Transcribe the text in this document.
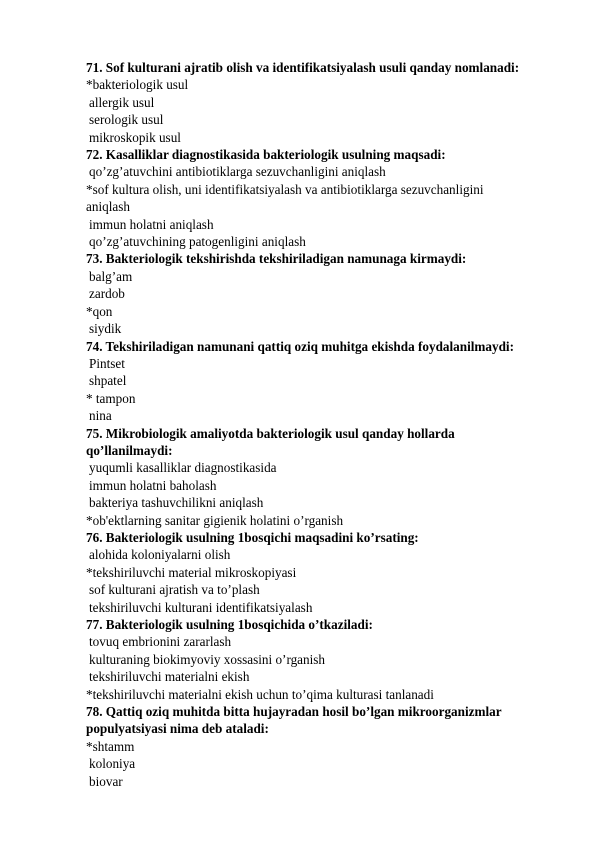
71. Sof kulturani ajratib olish va identifikatsiyalash usuli qanday nomlanadi:

*bakteriologik usul

allergik usul

serologik usul

mikroskopik usul

72. Kasalliklar diagnostikasida bakteriologik usulning maqsadi:

qo’zg’atuvchini antibiotiklarga sezuvchanligini aniqlash

*sof kultura olish, uni identifikatsiyalash va antibiotiklarga sezuvchanligini

aniqlash

immun holatni aniqlash

qo’zg’atuvchining patogenligini aniqlash

73. Bakteriologik tekshirishda tekshiriladigan namunaga kirmaydi:

balg’am

zardob

*qon

siydik

74. Tekshiriladigan namunani qattiq oziq muhitga ekishda foydalanilmaydi:

Pintset

shpatel

* tampon

nina

75. Mikrobiologik amaliyotda bakteriologik usul qanday hollarda

qo’llanilmaydi:

yuqumli kasalliklar diagnostikasida

immun holatni baholash

bakteriya tashuvchilikni aniqlash

*ob'ektlarning sanitar gigienik holatini o’rganish

76. Bakteriologik usulning 1bosqichi maqsadini ko’rsating:

alohida koloniyalarni olish

*tekshiriluvchi material mikroskopiyasi

sof kulturani ajratish va to’plash

tekshiriluvchi kulturani identifikatsiyalash

77. Bakteriologik usulning 1bosqichida o’tkaziladi:

tovuq embrionini zararlash

kulturaning biokimyoviy xossasini o’rganish

tekshiriluvchi materialni ekish

*tekshiriluvchi materialni ekish uchun to’qima kulturasi tanlanadi

78. Qattiq oziq muhitda bitta hujayradan hosil bo’lgan mikroorganizmlar

populyatsiyasi nima deb ataladi:

*shtamm

koloniya

biovar
